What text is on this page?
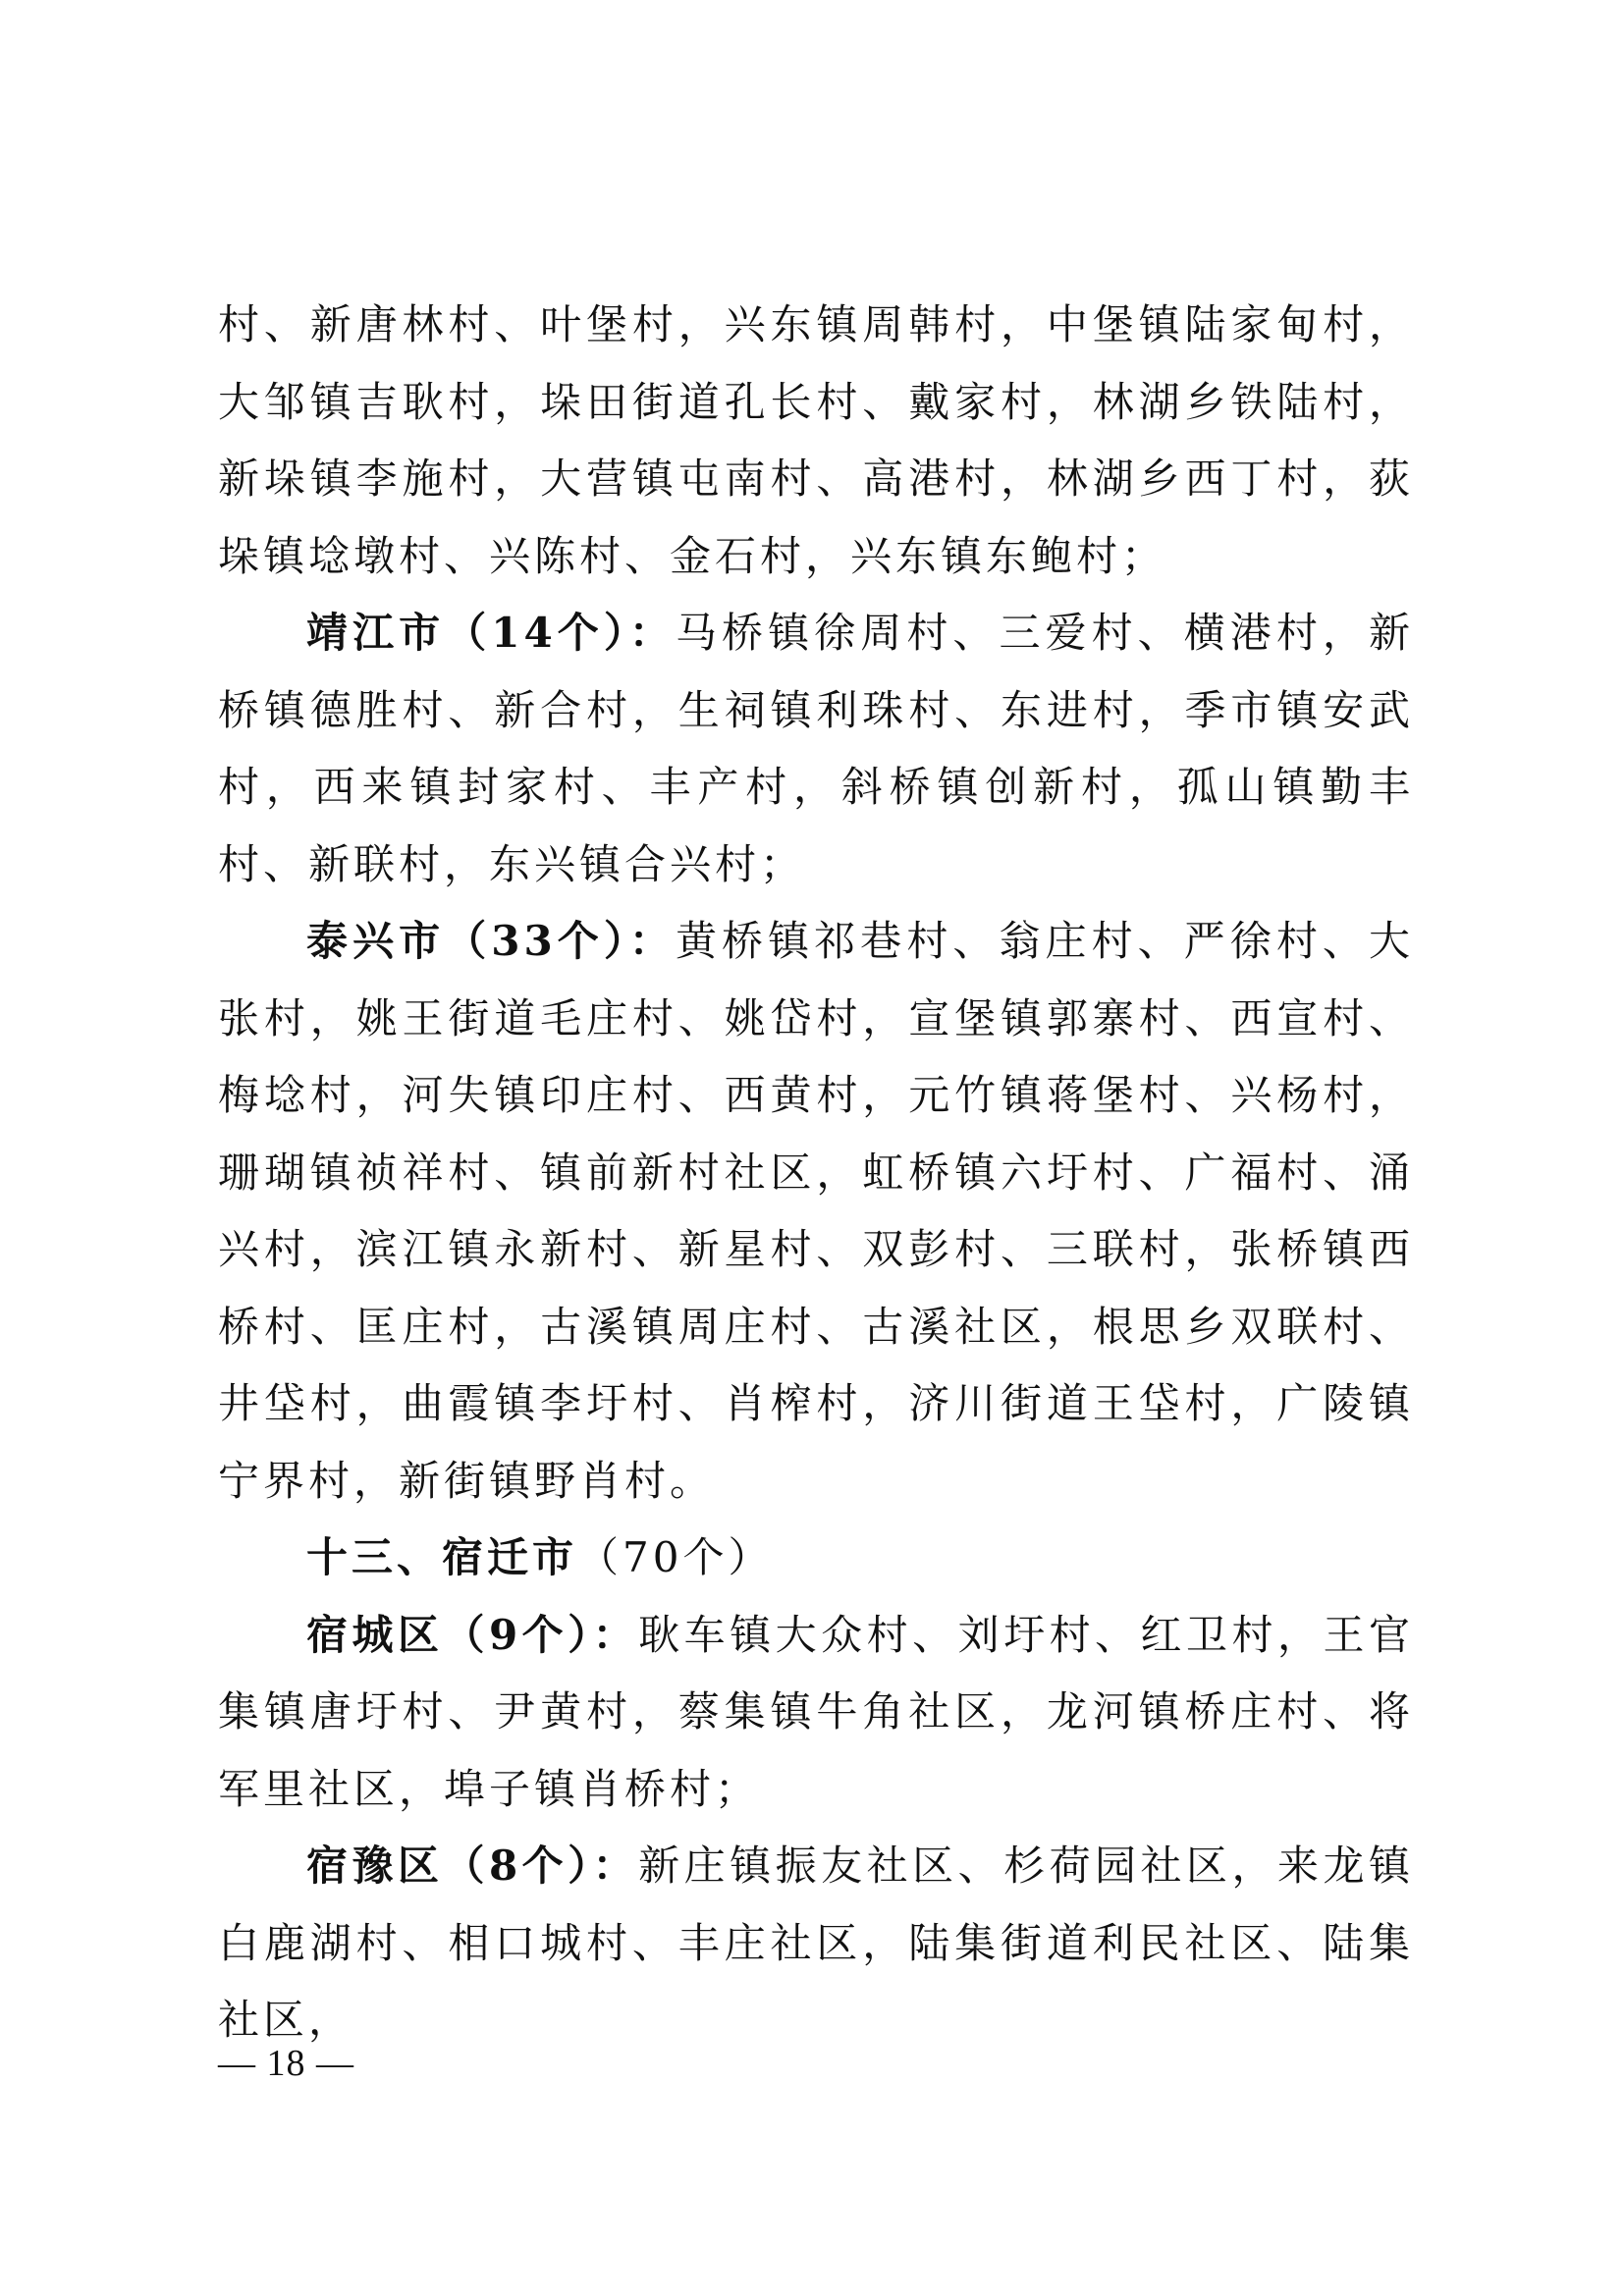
村、新唐林村、叶堡村，兴东镇周韩村，中堡镇陆家甸村，大邹镇吉耿村，垛田街道孔长村、戴家村，林湖乡铁陆村，新垛镇李施村，大营镇屯南村、高港村，林湖乡西丁村，荻垛镇埝墩村、兴陈村、金石村，兴东镇东鲍村；

靖江市（14个）：马桥镇徐周村、三爱村、横港村，新桥镇德胜村、新合村，生祠镇利珠村、东进村，季市镇安武村，西来镇封家村、丰产村，斜桥镇创新村，孤山镇勤丰村、新联村，东兴镇合兴村；

泰兴市（33个）：黄桥镇祁巷村、翁庄村、严徐村、大张村，姚王街道毛庄村、姚岱村，宣堡镇郭寨村、西宣村、梅埝村，河失镇印庄村、西黄村，元竹镇蒋堡村、兴杨村，珊瑚镇祯祥村、镇前新村社区，虹桥镇六圩村、广福村、涌兴村，滨江镇永新村、新星村、双彭村、三联村，张桥镇西桥村、匡庄村，古溪镇周庄村、古溪社区，根思乡双联村、井垈村，曲霞镇李圩村、肖榨村，济川街道王垈村，广陵镇宁界村，新街镇野肖村。

十三、宿迁市（70个）

宿城区（9个）：耿车镇大众村、刘圩村、红卫村，王官集镇唐圩村、尹黄村，蔡集镇牛角社区，龙河镇桥庄村、将军里社区，埠子镇肖桥村；

宿豫区（8个）：新庄镇振友社区、杉荷园社区，来龙镇白鹿湖村、相口城村、丰庄社区，陆集街道利民社区、陆集社区，

— 18 —
